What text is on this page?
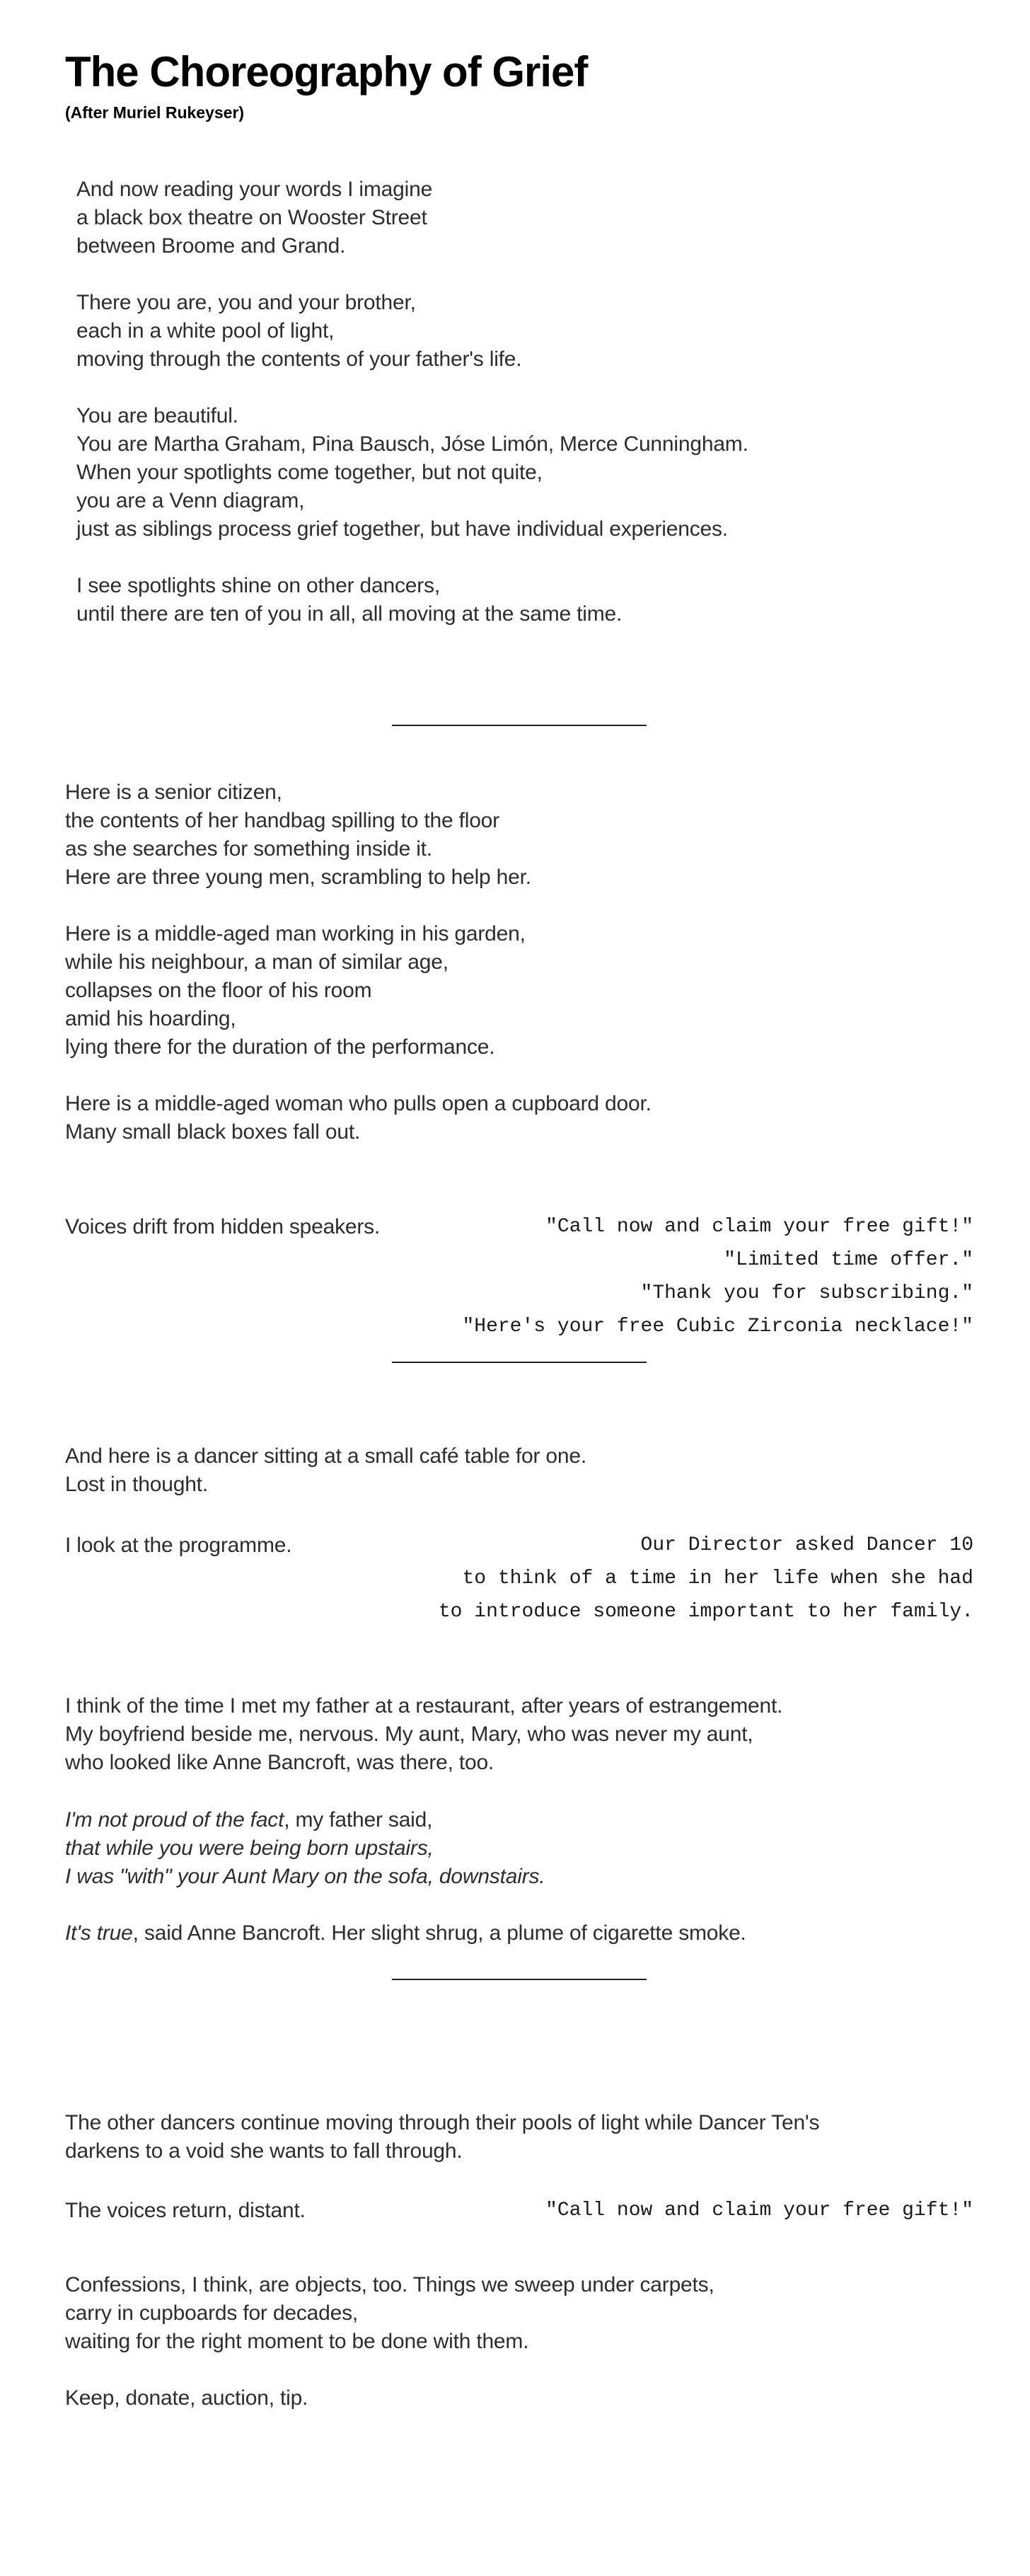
The Choreography of Grief
(After Muriel Rukeyser)
And now reading your words I imagine
a black box theatre on Wooster Street
between Broome and Grand.
There you are, you and your brother,
each in a white pool of light,
moving through the contents of your father's life.
You are beautiful.
You are Martha Graham, Pina Bausch, Jóse Limón, Merce Cunningham.
When your spotlights come together, but not quite,
you are a Venn diagram,
just as siblings process grief together, but have individual experiences.
I see spotlights shine on other dancers,
until there are ten of you in all, all moving at the same time.
Here is a senior citizen,
the contents of her handbag spilling to the floor
as she searches for something inside it.
Here are three young men, scrambling to help her.
Here is a middle-aged man working in his garden,
while his neighbour, a man of similar age,
collapses on the floor of his room
amid his hoarding,
lying there for the duration of the performance.
Here is a middle-aged woman who pulls open a cupboard door.
Many small black boxes fall out.
Voices drift from hidden speakers.	"Call now and claim your free gift!"
"Limited time offer."
"Thank you for subscribing."
"Here's your free Cubic Zirconia necklace!"
And here is a dancer sitting at a small café table for one.
Lost in thought.
I look at the programme.	Our Director asked Dancer 10
to think of a time in her life when she had
to introduce someone important to her family.
I think of the time I met my father at a restaurant, after years of estrangement.
My boyfriend beside me, nervous. My aunt, Mary, who was never my aunt,
who looked like Anne Bancroft, was there, too.
I'm not proud of the fact, my father said,
that while you were being born upstairs,
I was "with" your Aunt Mary on the sofa, downstairs.
It's true, said Anne Bancroft. Her slight shrug, a plume of cigarette smoke.
The other dancers continue moving through their pools of light while Dancer Ten's
darkens to a void she wants to fall through.
The voices return, distant.	"Call now and claim your free gift!"
Confessions, I think, are objects, too. Things we sweep under carpets,
carry in cupboards for decades,
waiting for the right moment to be done with them.
Keep, donate, auction, tip.
